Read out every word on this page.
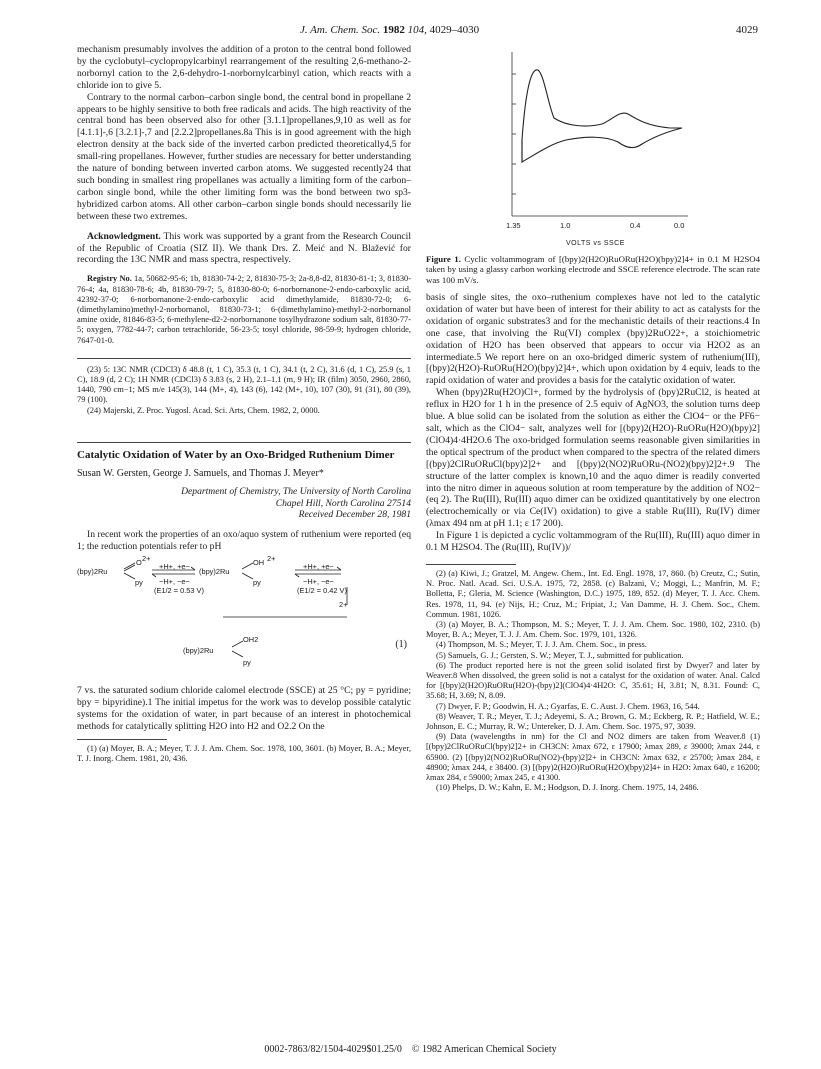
J. Am. Chem. Soc. 1982 104, 4029–4030	4029

mechanism presumably involves the addition of a proton to the central bond followed by the cyclobutyl–cyclopropylcarbinyl rearrangement of the resulting 2,6-methano-2-norbornyl cation to the 2,6-dehydro-1-norbornylcarbinyl cation, which reacts with a chloride ion to give 5.

Contrary to the normal carbon–carbon single bond, the central bond in propellane 2 appears to be highly sensitive to both free radicals and acids. The high reactivity of the central bond has been observed also for other [3.1.1]propellanes,9,10 as well as for [4.1.1]-,6 [3.2.1]-,7 and [2.2.2]propellanes.8a This is in good agreement with the high electron density at the back side of the inverted carbon predicted theoretically4,5 for small-ring propellanes. However, further studies are necessary for better understanding the nature of bonding between inverted carbon atoms. We suggested recently24 that such bonding in smallest ring propellanes was actually a limiting form of the carbon–carbon single bond, while the other limiting form was the bond between two sp3-hybridized carbon atoms. All other carbon–carbon single bonds should necessarily lie between these two extremes.

Acknowledgment. This work was supported by a grant from the Research Council of the Republic of Croatia (SIZ II). We thank Drs. Z. Meić and N. Blažević for recording the 13C NMR and mass spectra, respectively.

Registry No. 1a, 50682-95-6; 1b, 81830-74-2; 2, 81830-75-3; 2a-8,8-d2, 81830-81-1; 3, 81830-76-4; 4a, 81830-78-6; 4b, 81830-79-7; 5, 81830-80-0; 6-norbornanone-2-endo-carboxylic acid, 42392-37-0; 6-norbornanone-2-endo-carboxylic acid dimethylamide, 81830-72-0; 6-(dimethylamino)methyl-2-norbornanol, 81830-73-1; 6-(dimethylamino)-methyl-2-norbornanol amine oxide, 81846-83-5; 6-methylene-d2-2-norbornanone tosylhydrazone sodium salt, 81830-77-5; oxygen, 7782-44-7; carbon tetrachloride, 56-23-5; tosyl chloride, 98-59-9; hydrogen chloride, 7647-01-0.

(23) 5: 13C NMR (CDCl3) δ 48.8 (t, 1 C), 35.3 (t, 1 C), 34.1 (t, 2 C), 31.6 (d, 1 C), 25.9 (s, 1 C), 18.9 (d, 2 C); 1H NMR (CDCl3) δ 3.83 (s, 2 H), 2.1–1.1 (m, 9 H); IR (film) 3050, 2960, 2860, 1440, 790 cm−1; MS m/e 145(3), 144 (M+, 4), 143 (6), 142 (M+, 10), 107 (30), 91 (31), 80 (39), 79 (100).

(24) Majerski, Z. Proc. Yugosl. Acad. Sci. Arts, Chem. 1982, 2, 0000.

Catalytic Oxidation of Water by an Oxo-Bridged Ruthenium Dimer
Susan W. Gersten, George J. Samuels, and Thomas J. Meyer*
Department of Chemistry, The University of North Carolina
Chapel Hill, North Carolina 27514
Received December 28, 1981

In recent work the properties of an oxo/aquo system of ruthenium were reported (eq 1; the reduction potentials refer to pH

(bpy)2Ru
O 2+
py
+H+, +e−
−H+, −e−
(E1/2 = 0.53 V)
(bpy)2Ru
OH 2+
py
+H+, +e−
−H+, −e−
(E1/2 = 0.42 V)
2+
(bpy)2Ru
OH2
py
(1)

7 vs. the saturated sodium chloride calomel electrode (SSCE) at 25 °C; py = pyridine; bpy = bipyridine).1 The initial impetus for the work was to develop possible catalytic systems for the oxidation of water, in part because of an interest in photochemical methods for catalytically splitting H2O into H2 and O2.2 On the

(1) (a) Moyer, B. A.; Meyer, T. J. J. Am. Chem. Soc. 1978, 100, 3601. (b) Moyer, B. A.; Meyer, T. J. Inorg. Chem. 1981, 20, 436.

1.35	1.0	0.4	0.0
VOLTS vs SSCE
Figure 1. Cyclic voltammogram of [(bpy)2(H2O)RuORu(H2O)(bpy)2]4+ in 0.1 M H2SO4 taken by using a glassy carbon working electrode and SSCE reference electrode. The scan rate was 100 mV/s.

basis of single sites, the oxo–ruthenium complexes have not led to the catalytic oxidation of water but have been of interest for their ability to act as catalysts for the oxidation of organic substrates3 and for the mechanistic details of their reactions.4 In one case, that involving the Ru(VI) complex (bpy)2RuO22+, a stoichiometric oxidation of H2O has been observed that appears to occur via H2O2 as an intermediate.5 We report here on an oxo-bridged dimeric system of ruthenium(III), [(bpy)2(H2O)-RuORu(H2O)(bpy)2]4+, which upon oxidation by 4 equiv, leads to the rapid oxidation of water and provides a basis for the catalytic oxidation of water.

When (bpy)2Ru(H2O)Cl+, formed by the hydrolysis of (bpy)2RuCl2, is heated at reflux in H2O for 1 h in the presence of 2.5 equiv of AgNO3, the solution turns deep blue. A blue solid can be isolated from the solution as either the ClO4− or the PF6− salt, which as the ClO4− salt, analyzes well for [(bpy)2(H2O)-RuORu(H2O)(bpy)2](ClO4)4·4H2O.6 The oxo-bridged formulation seems reasonable given similarities in the optical spectrum of the product when compared to the spectra of the related dimers [(bpy)2ClRuORuCl(bpy)2]2+ and [(bpy)2(NO2)RuORu-(NO2)(bpy)2]2+.9 The structure of the latter complex is known,10 and the aquo dimer is readily converted into the nitro dimer in aqueous solution at room temperature by the addition of NO2− (eq 2). The Ru(III), Ru(III) aquo dimer can be oxidized quantitatively by one electron (electrochemically or via Ce(IV) oxidation) to give a stable Ru(III), Ru(IV) dimer (λmax 494 nm at pH 1.1; ε 17 200).

In Figure 1 is depicted a cyclic voltammogram of the Ru(III), Ru(III) aquo dimer in 0.1 M H2SO4. The (Ru(III), Ru(IV))/

(2) (a) Kiwi, J.; Gratzel, M. Angew. Chem., Int. Ed. Engl. 1978, 17, 860. (b) Creutz, C.; Sutin, N. Proc. Natl. Acad. Sci. U.S.A. 1975, 72, 2858. (c) Balzani, V.; Moggi, L.; Manfrin, M. F.; Bolletta, F.; Gleria, M. Science (Washington, D.C.) 1975, 189, 852. (d) Meyer, T. J. Acc. Chem. Res. 1978, 11, 94. (e) Nijs, H.; Cruz, M.; Fripiat, J.; Van Damme, H. J. Chem. Soc., Chem. Commun. 1981, 1026.

(3) (a) Moyer, B. A.; Thompson, M. S.; Meyer, T. J. J. Am. Chem. Soc. 1980, 102, 2310. (b) Moyer, B. A.; Meyer, T. J. J. Am. Chem. Soc. 1979, 101, 1326.

(4) Thompson, M. S.; Meyer, T. J. J. Am. Chem. Soc., in press.

(5) Samuels, G. J.; Gersten, S. W.; Meyer, T. J., submitted for publication.

(6) The product reported here is not the green solid isolated first by Dwyer7 and later by Weaver.8 When dissolved, the green solid is not a catalyst for the oxidation of water. Anal. Calcd for [(bpy)2(H2O)RuORu(H2O)-(bpy)2](ClO4)4·4H2O: C, 35.61; H, 3.81; N, 8.31. Found: C, 35.68; H, 3.69; N, 8.09.

(7) Dwyer, F. P.; Goodwin, H. A.; Gyarfas, E. C. Aust. J. Chem. 1963, 16, 544.

(8) Weaver, T. R.; Meyer, T. J.; Adeyemi, S. A.; Brown, G. M.; Eckberg, R. P.; Hatfield, W. E.; Johnson, E. C.; Murray, R. W.; Untereker, D. J. Am. Chem. Soc. 1975, 97, 3039.

(9) Data (wavelengths in nm) for the Cl and NO2 dimers are taken from Weaver.8 (1) [(bpy)2ClRuORuCl(bpy)2]2+ in CH3CN: λmax 672, ε 17900; λmax 289, ε 39000; λmax 244, ε 65900. (2) [(bpy)2(NO2)RuORu(NO2)-(bpy)2]2+ in CH3CN: λmax 632, ε 25700; λmax 284, ε 48900; λmax 244, ε 38400. (3) [(bpy)2(H2O)RuORu(H2O)(bpy)2]4+ in H2O: λmax 640, ε 16200; λmax 284, ε 59000; λmax 245, ε 41300.

(10) Phelps, D. W.; Kahn, E. M.; Hodgson, D. J. Inorg. Chem. 1975, 14, 2486.

0002-7863/82/1504-4029$01.25/0 © 1982 American Chemical Society
